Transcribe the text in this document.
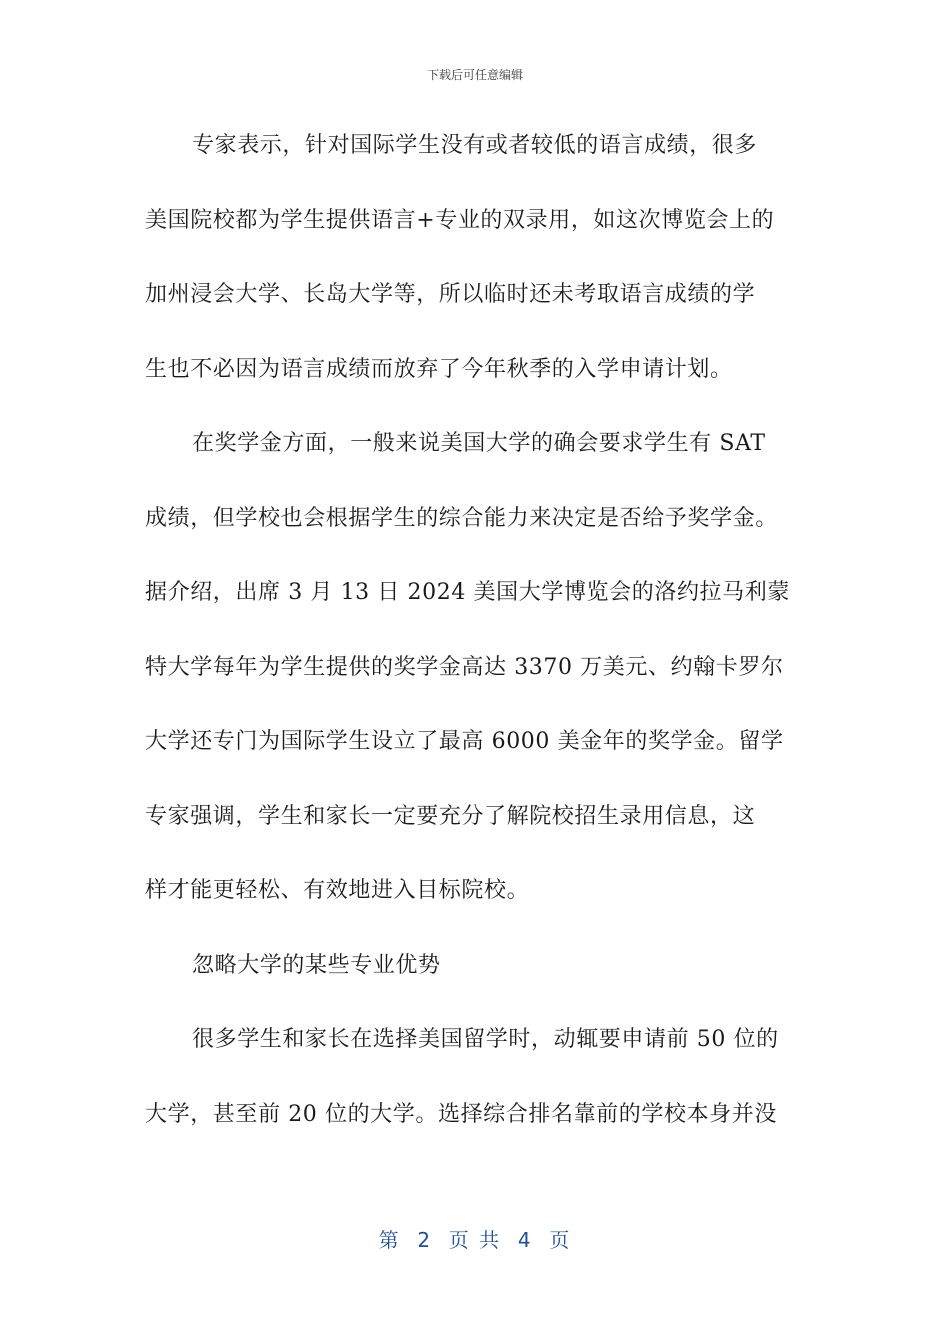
下载后可任意编辑
专家表示，针对国际学生没有或者较低的语言成绩，很多
美国院校都为学生提供语言+专业的双录用，如这次博览会上的
加州浸会大学、长岛大学等，所以临时还未考取语言成绩的学
生也不必因为语言成绩而放弃了今年秋季的入学申请计划。
在奖学金方面，一般来说美国大学的确会要求学生有 SAT
成绩，但学校也会根据学生的综合能力来决定是否给予奖学金。
据介绍，出席 3 月 13 日 2024 美国大学博览会的洛约拉马利蒙
特大学每年为学生提供的奖学金高达 3370 万美元、约翰卡罗尔
大学还专门为国际学生设立了最高 6000 美金年的奖学金。留学
专家强调，学生和家长一定要充分了解院校招生录用信息，这
样才能更轻松、有效地进入目标院校。
忽略大学的某些专业优势
很多学生和家长在选择美国留学时，动辄要申请前 50 位的
大学，甚至前 20 位的大学。选择综合排名靠前的学校本身并没
第  2  页 共  4  页
